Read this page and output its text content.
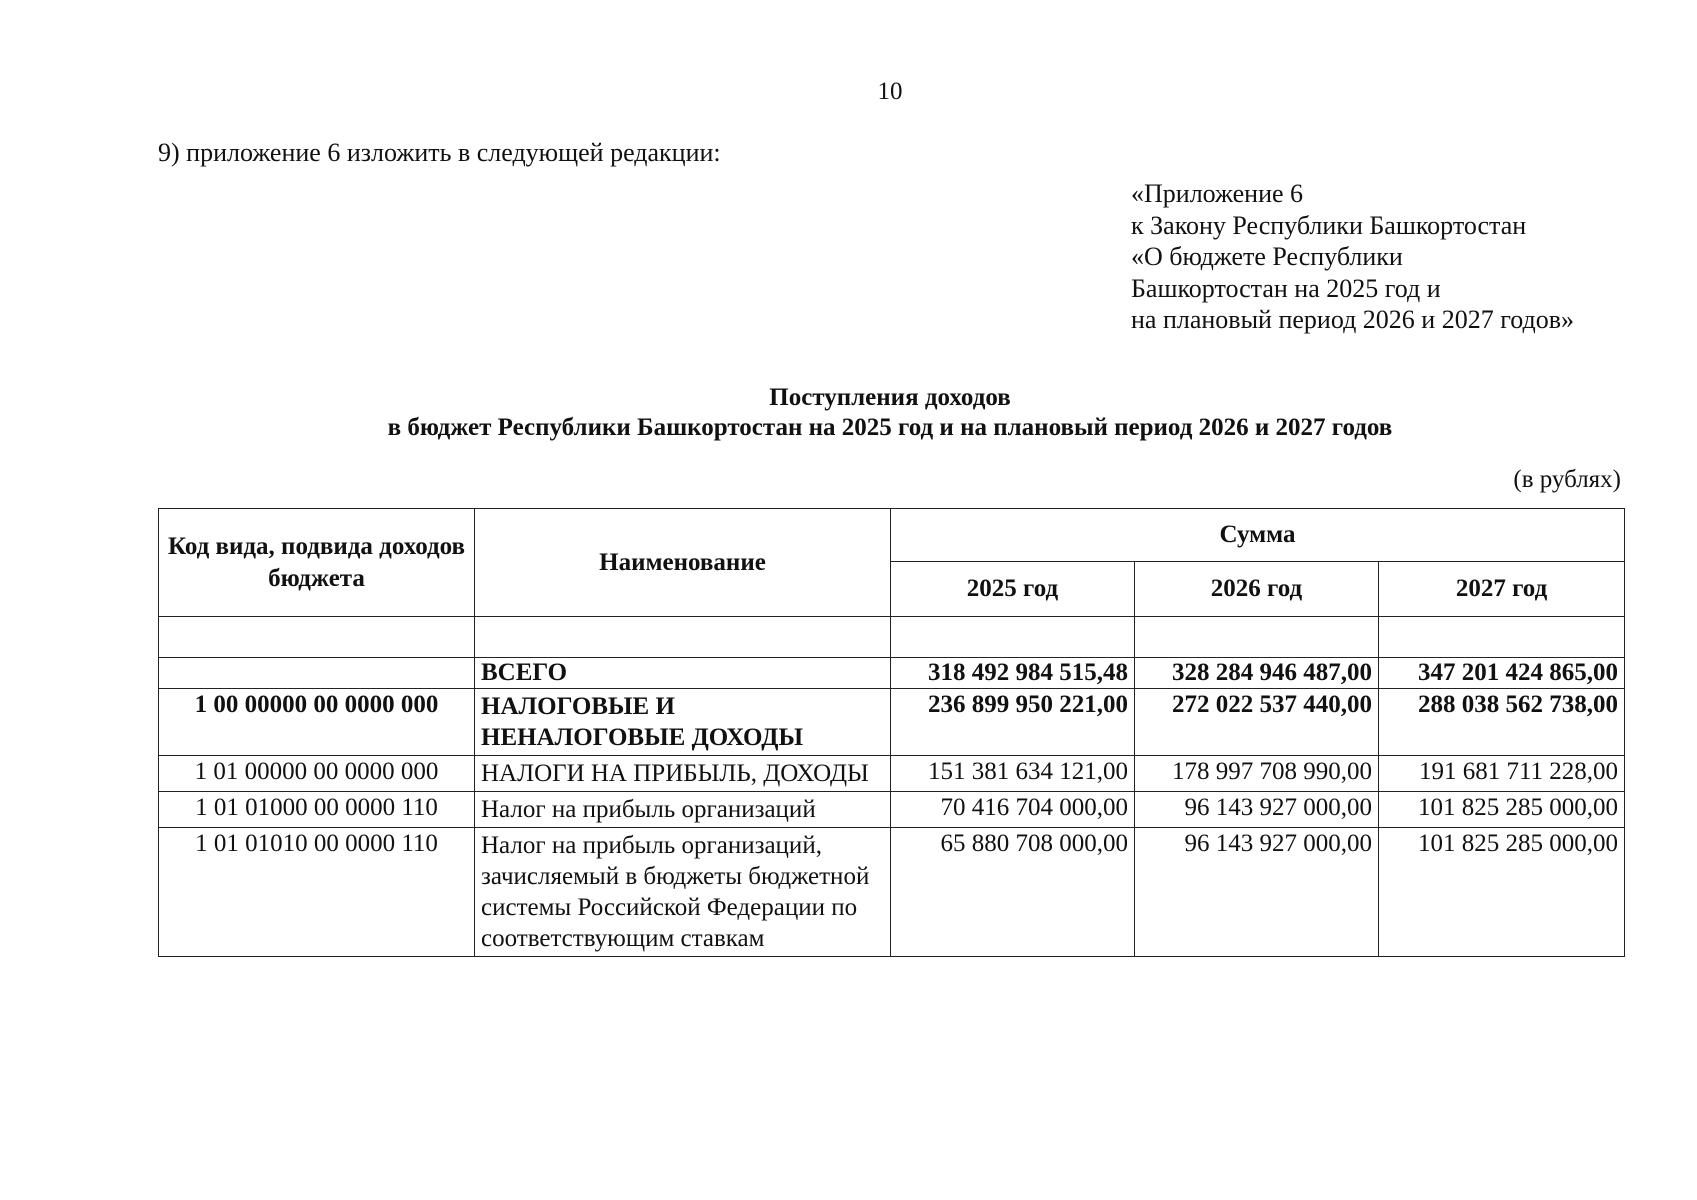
10
9) приложение 6 изложить в следующей редакции:
«Приложение 6
к Закону Республики Башкортостан
«О бюджете Республики
Башкортостан на 2025 год и
на плановый период 2026 и 2027 годов»
Поступления доходов
в бюджет Республики Башкортостан на 2025 год и на плановый период 2026 и 2027 годов
(в рублях)
Код вида, подвида доходов бюджета	Наименование	Сумма		
		2025 год	2026 год	2027 год

	ВСЕГО	318 492 984 515,48	328 284 946 487,00	347 201 424 865,00
1 00 00000 00 0000 000	НАЛОГОВЫЕ И НЕНАЛОГОВЫЕ ДОХОДЫ	236 899 950 221,00	272 022 537 440,00	288 038 562 738,00
1 01 00000 00 0000 000	НАЛОГИ НА ПРИБЫЛЬ, ДОХОДЫ	151 381 634 121,00	178 997 708 990,00	191 681 711 228,00
1 01 01000 00 0000 110	Налог на прибыль организаций	70 416 704 000,00	96 143 927 000,00	101 825 285 000,00
1 01 01010 00 0000 110	Налог на прибыль организаций, зачисляемый в бюджеты бюджетной системы Российской Федерации по соответствующим ставкам	65 880 708 000,00	96 143 927 000,00	101 825 285 000,00
